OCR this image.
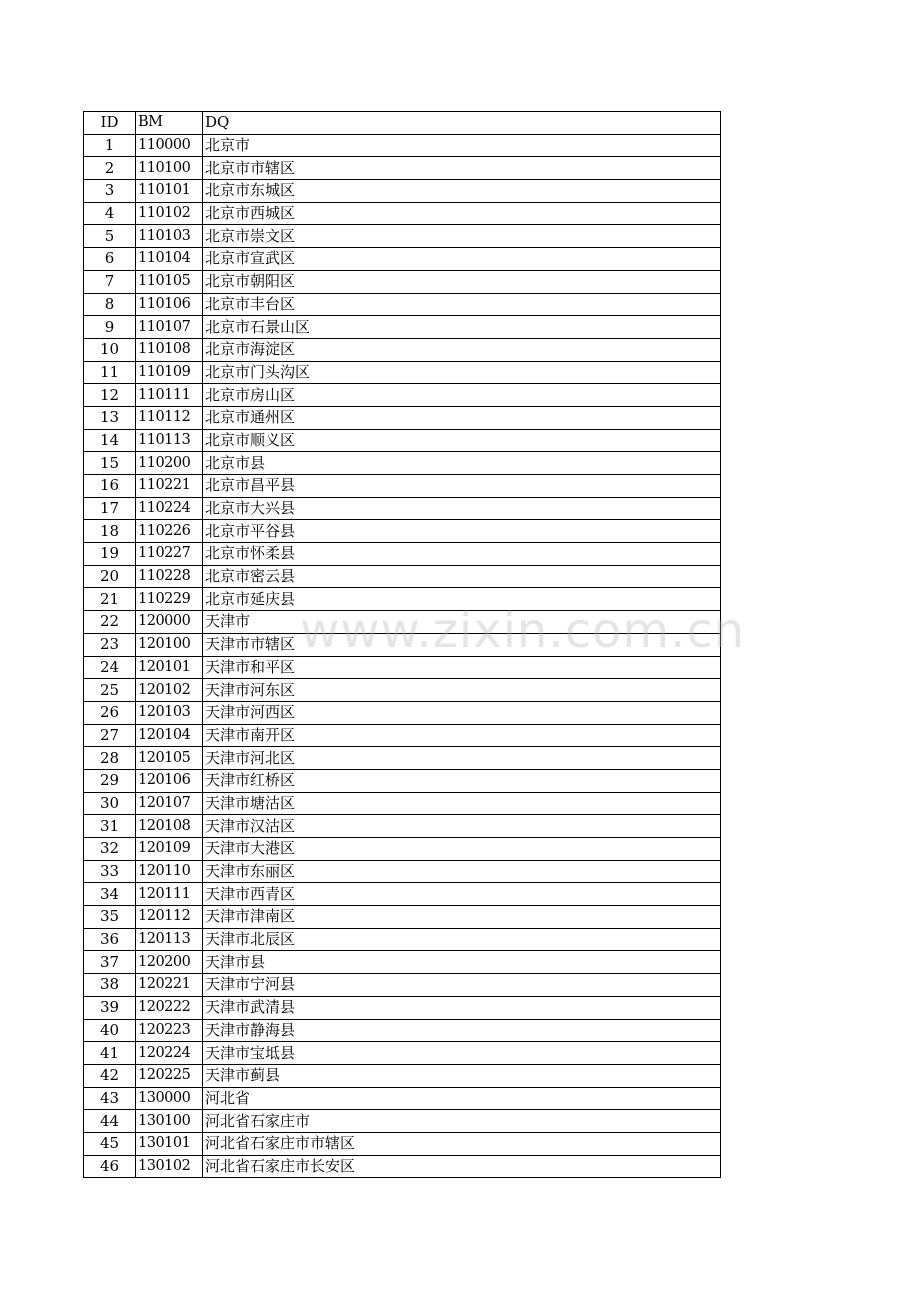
ID	BM	DQ
1	110000	北京市
2	110100	北京市市辖区
3	110101	北京市东城区
4	110102	北京市西城区
5	110103	北京市崇文区
6	110104	北京市宣武区
7	110105	北京市朝阳区
8	110106	北京市丰台区
9	110107	北京市石景山区
10	110108	北京市海淀区
11	110109	北京市门头沟区
12	110111	北京市房山区
13	110112	北京市通州区
14	110113	北京市顺义区
15	110200	北京市县
16	110221	北京市昌平县
17	110224	北京市大兴县
18	110226	北京市平谷县
19	110227	北京市怀柔县
20	110228	北京市密云县
21	110229	北京市延庆县
22	120000	天津市
23	120100	天津市市辖区
24	120101	天津市和平区
25	120102	天津市河东区
26	120103	天津市河西区
27	120104	天津市南开区
28	120105	天津市河北区
29	120106	天津市红桥区
30	120107	天津市塘沽区
31	120108	天津市汉沽区
32	120109	天津市大港区
33	120110	天津市东丽区
34	120111	天津市西青区
35	120112	天津市津南区
36	120113	天津市北辰区
37	120200	天津市县
38	120221	天津市宁河县
39	120222	天津市武清县
40	120223	天津市静海县
41	120224	天津市宝坻县
42	120225	天津市蓟县
43	130000	河北省
44	130100	河北省石家庄市
45	130101	河北省石家庄市市辖区
46	130102	河北省石家庄市长安区
www.zixin.com.cn
